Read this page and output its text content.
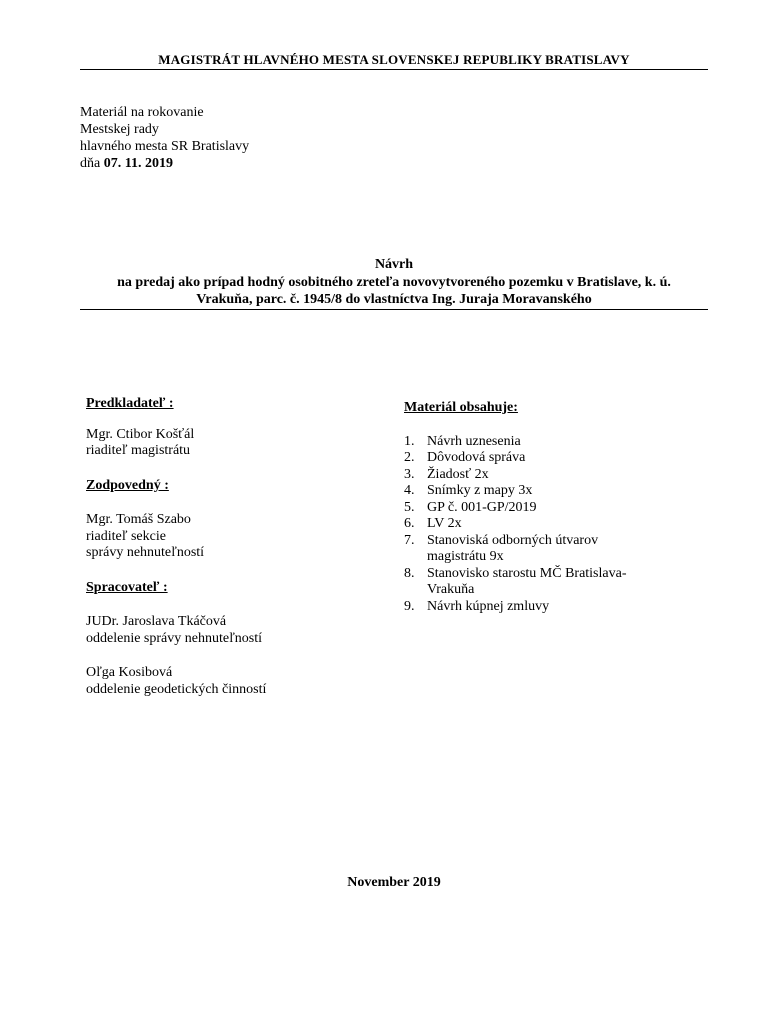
MAGISTRÁT HLAVNÉHO MESTA SLOVENSKEJ REPUBLIKY BRATISLAVY
Materiál na rokovanie
Mestskej rady
hlavného mesta SR Bratislavy
dňa 07. 11. 2019
Návrh
na predaj ako prípad hodný osobitného zreteľa novovytvoreného pozemku v Bratislave, k. ú.
Vrakuňa, parc. č. 1945/8 do vlastníctva Ing. Juraja Moravanského
Predkladateľ :
Mgr. Ctibor Košťál
riaditeľ magistrátu
Zodpovedný :
Mgr. Tomáš Szabo
riaditeľ sekcie
správy nehnuteľností
Spracovateľ :
JUDr. Jaroslava Tkáčová
oddelenie správy nehnuteľností
Oľga Kosibová
oddelenie geodetických činností
Materiál obsahuje:
1. Návrh uznesenia
2. Dôvodová správa
3. Žiadosť 2x
4. Snímky z mapy 3x
5. GP č. 001-GP/2019
6. LV 2x
7. Stanoviská odborných útvarov
magistrátu 9x
8. Stanovisko starostu MČ Bratislava-
Vrakuňa
9. Návrh kúpnej zmluvy
November 2019
